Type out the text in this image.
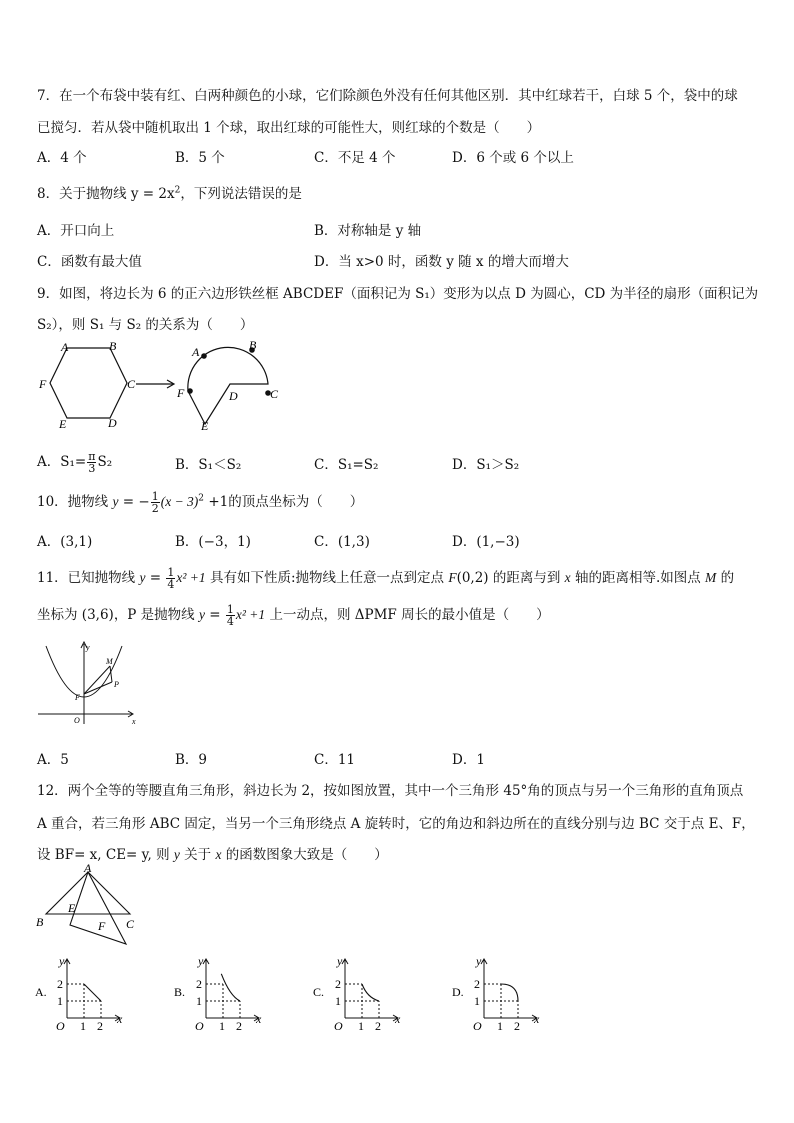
7．在一个布袋中装有红、白两种颜色的小球，它们除颜色外没有任何其他区别．其中红球若干，白球 5 个，袋中的球
已搅匀．若从袋中随机取出 1 个球，取出红球的可能性大，则红球的个数是（　　）
A．4 个	B．5 个	C．不足 4 个	D．6 个或 6 个以上
8．关于抛物线 $y = 2x^2$，下列说法错误的是
A．开口向上	B．对称轴是 y 轴
C．函数有最大值	D．当 x>0 时，函数 y 随 x 的增大而增大
9．如图，将边长为 6 的正六边形铁丝框 ABCDEF（面积记为 S₁）变形为以点 D 为圆心，CD 为半径的扇形（面积记为
S₂），则 S₁ 与 S₂ 的关系为（　　）
A	B
C
D
E
F
A	B
C
D
E
F
A．$S_1= \frac{\pi}{3} S_2$	B．S₁＜S₂	C．S₁=S₂	D．S₁＞S₂
10．抛物线 y = − $\frac{1}{2} (x - 3)^2 +1$的顶点坐标为（　　）
A．(3,1)	B．(−3，1)	C．(1,3)	D．(1,−3)
11．已知抛物线 $y = \frac{1}{4} x^2 +1$ 具有如下性质:抛物线上任意一点到定点 F(0,2) 的距离与到 x 轴的距离相等.如图点 M 的
坐标为 (3,6)，P 是抛物线 $y = \frac{1}{4} x^2 +1$ 上一动点，则 ΔPMF 周长的最小值是（　　）
y
x
O
F
M
P
A．5	B．9	C．11	D．1
12．两个全等的等腰直角三角形，斜边长为 2，按如图放置，其中一个三角形 45°角的顶点与另一个三角形的直角顶点
A 重合，若三角形 ABC 固定，当另一个三角形绕点 A 旋转时，它的角边和斜边所在的直线分别与边 BC 交于点 E、F，
设 BF= x, CE= y, 则 y 关于 x 的函数图象大致是（　　）
A
B	C
E
F
A.
y
x
O 1 2
1
2
B.
y
x
O 1 2
1
2
C.
y
x
O 1 2
1
2
D.
y
x
O 1 2
1
2
